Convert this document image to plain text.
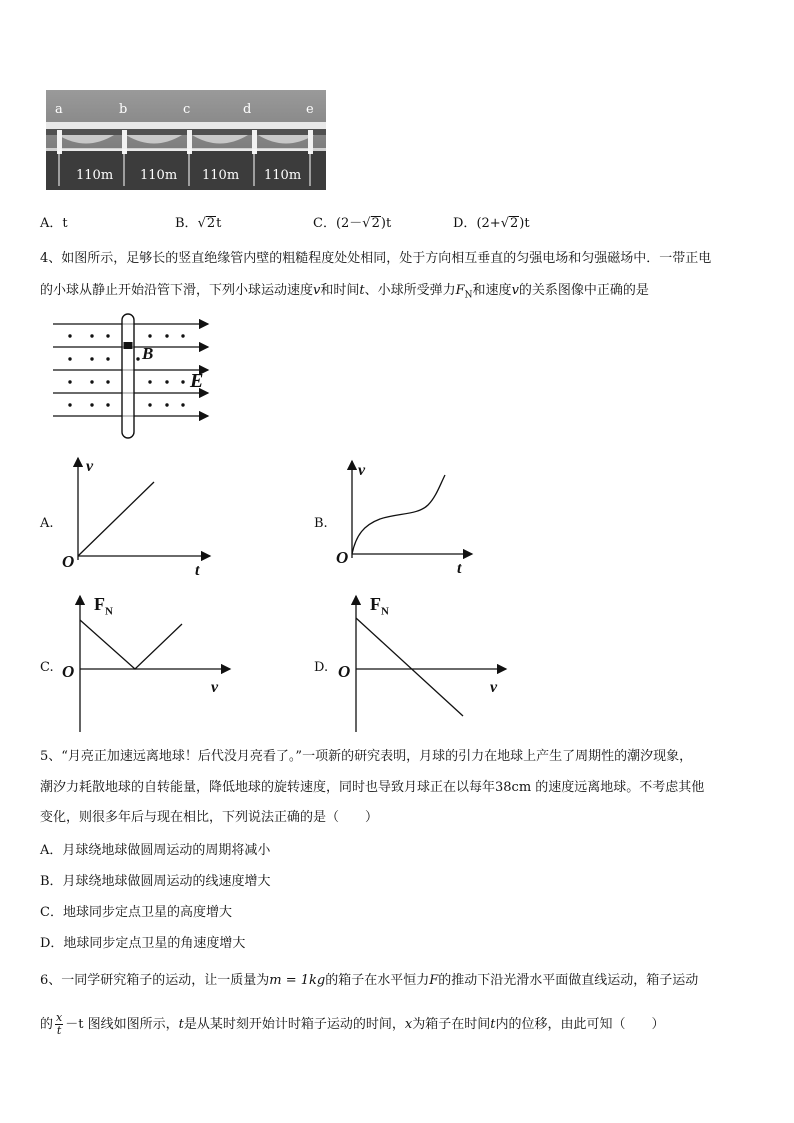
a	b	c	d	e
110m 110m 110m 110m
A．t	B．√2t	C．(2－√2)t	D．(2+√2)t
4、如图所示，足够长的竖直绝缘管内壁的粗糙程度处处相同，处于方向相互垂直的匀强电场和匀强磁场中．一带正电
的小球从静止开始沿管下滑，下列小球运动速度v和时间t、小球所受弹力$F_N$和速度v的关系图像中正确的是
B
E
A.
v
O	t
B.
v
O
t
C.
$F_N$
O
v
D.
$F_N$
O
v
5、“月亮正加速远离地球！后代没月亮看了。”一项新的研究表明，月球的引力在地球上产生了周期性的潮汐现象，
潮汐力耗散地球的自转能量，降低地球的旋转速度，同时也导致月球正在以每年38cm 的速度远离地球。不考虑其他
变化，则很多年后与现在相比，下列说法正确的是（　　）
A．月球绕地球做圆周运动的周期将减小
B．月球绕地球做圆周运动的线速度增大
C．地球同步定点卫星的高度增大
D．地球同步定点卫星的角速度增大
6、一同学研究箱子的运动，让一质量为m = 1kg的箱子在水平恒力F的推动下沿光滑水平面做直线运动，箱子运动
的 $\frac{x}{t} -t$ 图线如图所示，t是从某时刻开始计时箱子运动的时间，x为箱子在时间t内的位移，由此可知（　　）
